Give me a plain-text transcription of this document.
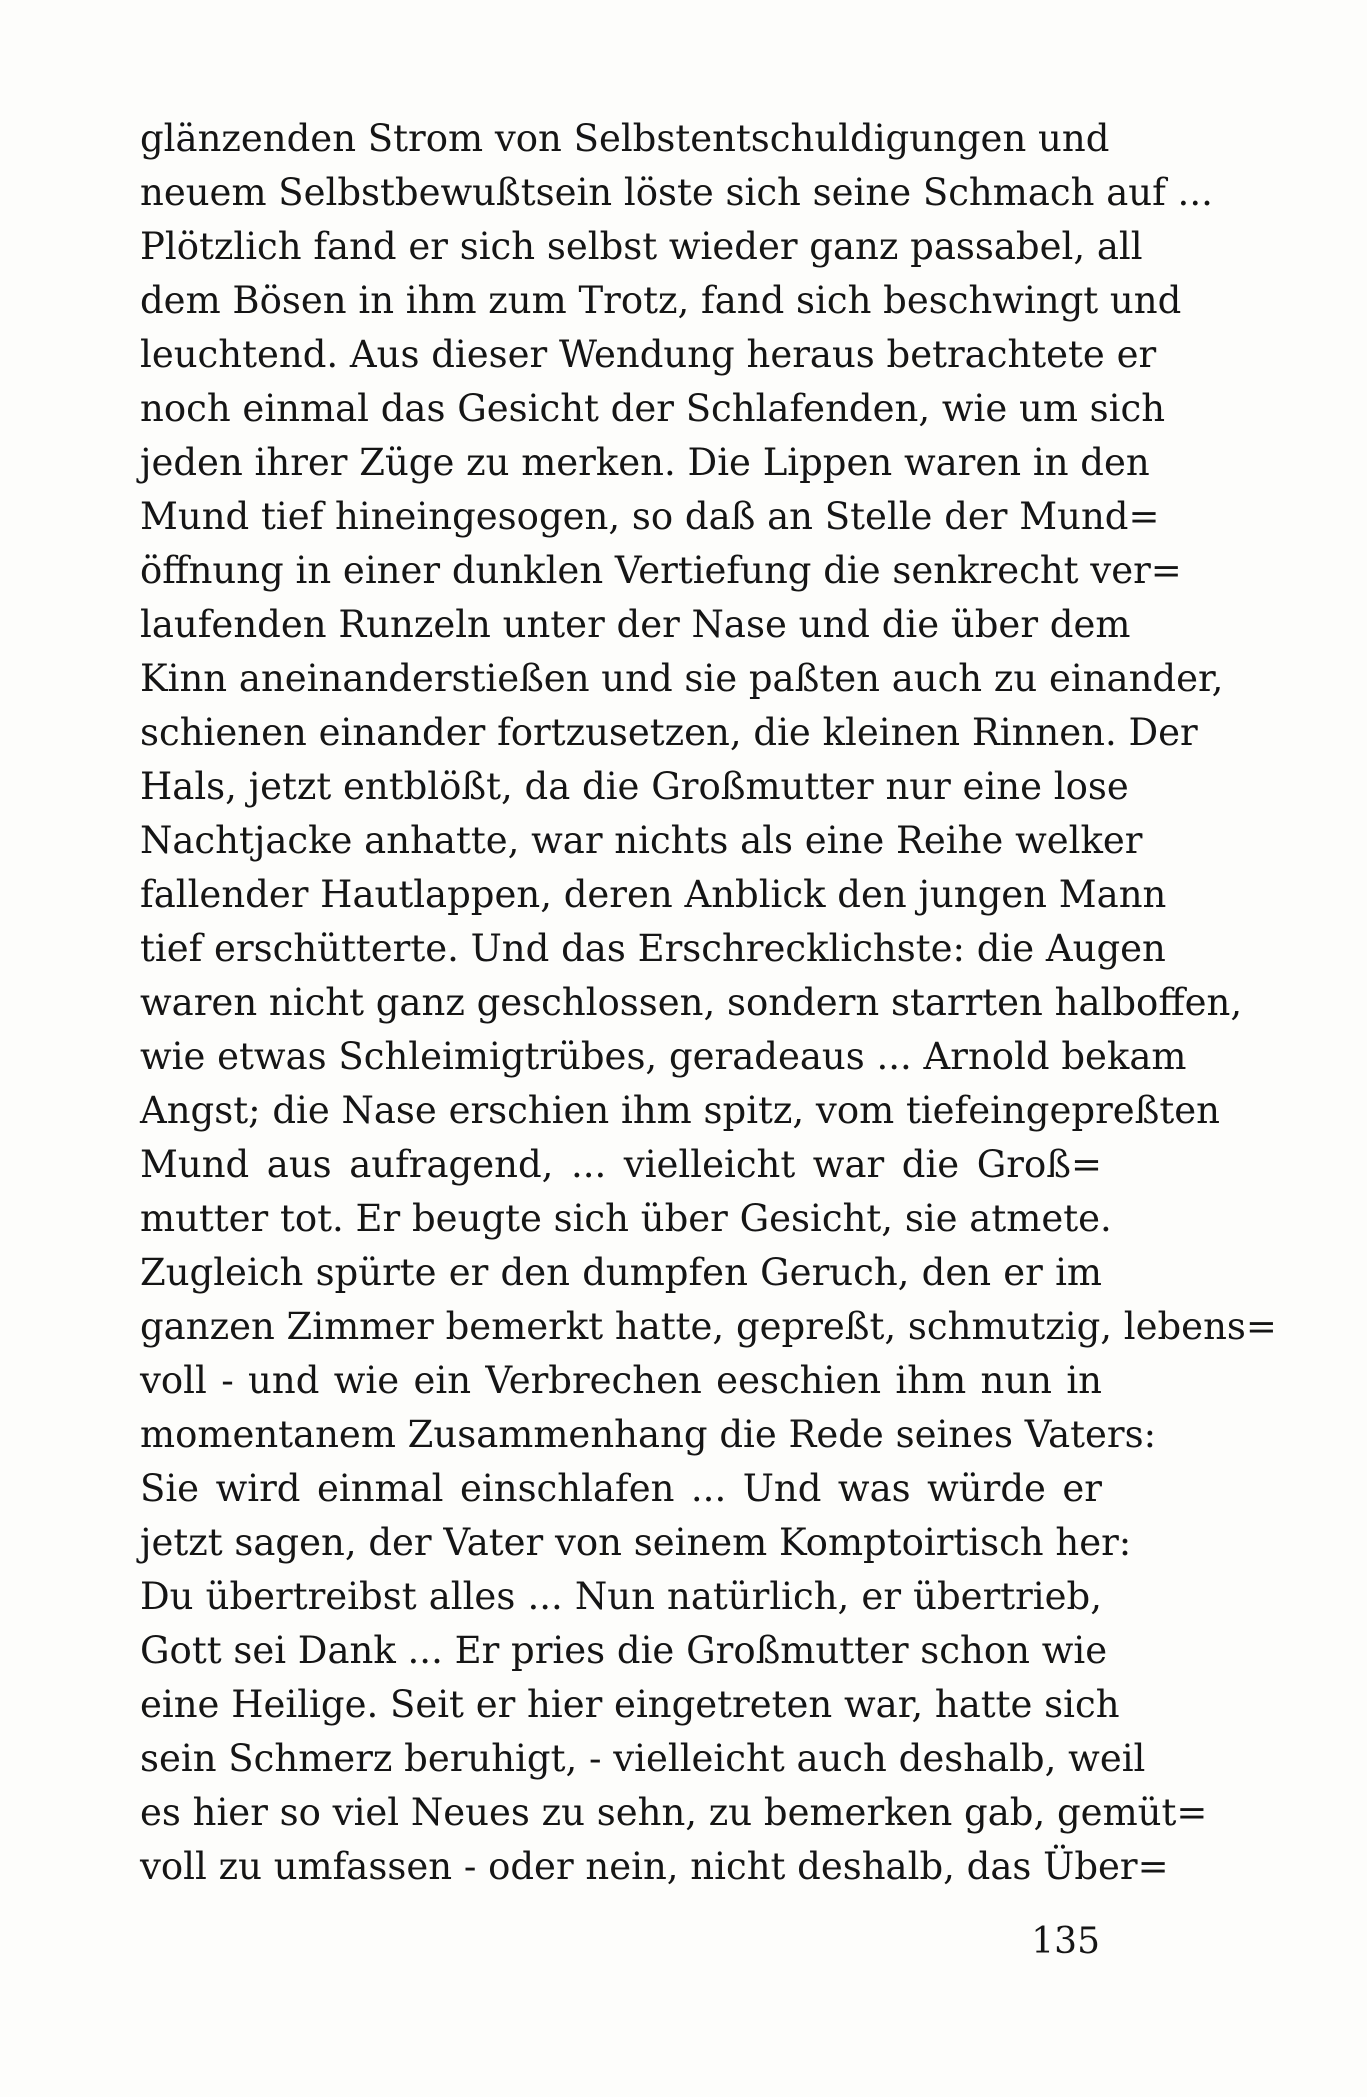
glänzenden Strom von Selbstentschuldigungen und
neuem Selbstbewußtsein löste sich seine Schmach auf ...
Plötzlich fand er sich selbst wieder ganz passabel, all
dem Bösen in ihm zum Trotz, fand sich beschwingt und
leuchtend. Aus dieser Wendung heraus betrachtete er
noch einmal das Gesicht der Schlafenden, wie um sich
jeden ihrer Züge zu merken. Die Lippen waren in den
Mund tief hineingesogen, so daß an Stelle der Mund=
öffnung in einer dunklen Vertiefung die senkrecht ver=
laufenden Runzeln unter der Nase und die über dem
Kinn aneinanderstießen und sie paßten auch zu einander,
schienen einander fortzusetzen, die kleinen Rinnen. Der
Hals, jetzt entblößt, da die Großmutter nur eine lose
Nachtjacke anhatte, war nichts als eine Reihe welker
fallender Hautlappen, deren Anblick den jungen Mann
tief erschütterte. Und das Erschrecklichste: die Augen
waren nicht ganz geschlossen, sondern starrten halboffen,
wie etwas Schleimigtrübes, geradeaus ... Arnold bekam
Angst; die Nase erschien ihm spitz, vom tiefeingepreßten
Mund aus aufragend, ... vielleicht war die Groß=
mutter tot. Er beugte sich über Gesicht, sie atmete.
Zugleich spürte er den dumpfen Geruch, den er im
ganzen Zimmer bemerkt hatte, gepreßt, schmutzig, lebens=
voll - und wie ein Verbrechen eeschien ihm nun in
momentanem Zusammenhang die Rede seines Vaters:
Sie wird einmal einschlafen ... Und was würde er
jetzt sagen, der Vater von seinem Komptoirtisch her:
Du übertreibst alles ... Nun natürlich, er übertrieb,
Gott sei Dank ... Er pries die Großmutter schon wie
eine Heilige. Seit er hier eingetreten war, hatte sich
sein Schmerz beruhigt, - vielleicht auch deshalb, weil
es hier so viel Neues zu sehn, zu bemerken gab, gemüt=
voll zu umfassen - oder nein, nicht deshalb, das Über=
135
